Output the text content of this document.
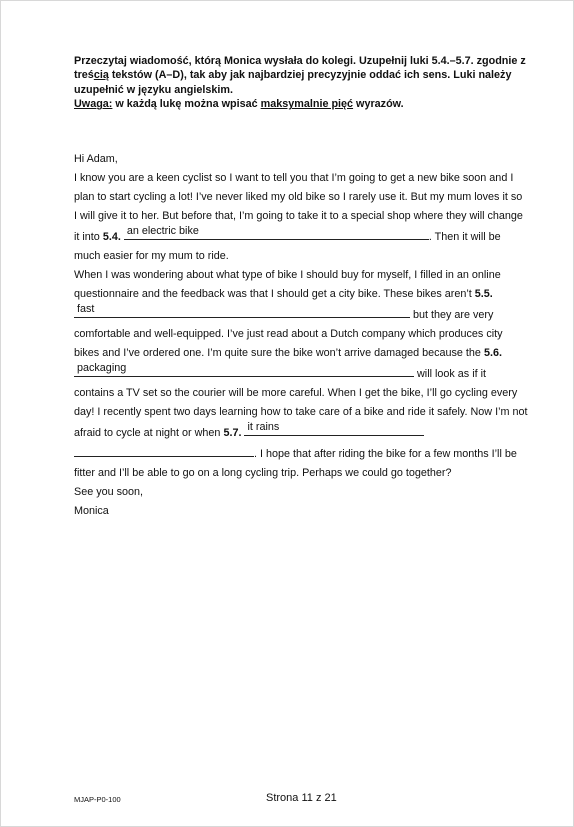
Przeczytaj wiadomość, którą Monica wysłała do kolegi. Uzupełnij luki 5.4.–5.7. zgodnie z treścią tekstów (A–D), tak aby jak najbardziej precyzyjnie oddać ich sens. Luki należy uzupełnić w języku angielskim.
Uwaga: w każdą lukę można wpisać maksymalnie pięć wyrazów.

Hi Adam,

I know you are a keen cyclist so I want to tell you that I’m going to get a new bike soon and I plan to start cycling a lot! I’ve never liked my old bike so I rarely use it. But my mum loves it so I will give it to her. But before that, I’m going to take it to a special shop where they will change it into 5.4. an electric bike	. Then it will be much easier for my mum to ride.

When I was wondering about what type of bike I should buy for myself, I filled in an online questionnaire and the feedback was that I should get a city bike. These bikes aren’t 5.5.
fast	but they are very comfortable and well-equipped. I’ve just read about a Dutch company which produces city bikes and I’ve ordered one. I’m quite sure the bike won’t arrive damaged because the 5.6.
packaging	will look as if it contains a TV set so the courier will be more careful. When I get the bike, I’ll go cycling every day! I recently spent two days learning how to take care of a bike and ride it safely. Now I’m not afraid to cycle at night or when 5.7. it rains
. I hope that after riding the bike for a few months I’ll be fitter and I’ll be able to go on a long cycling trip. Perhaps we could go together?

See you soon,

Monica

MJAP-P0-100	Strona 11 z 21
